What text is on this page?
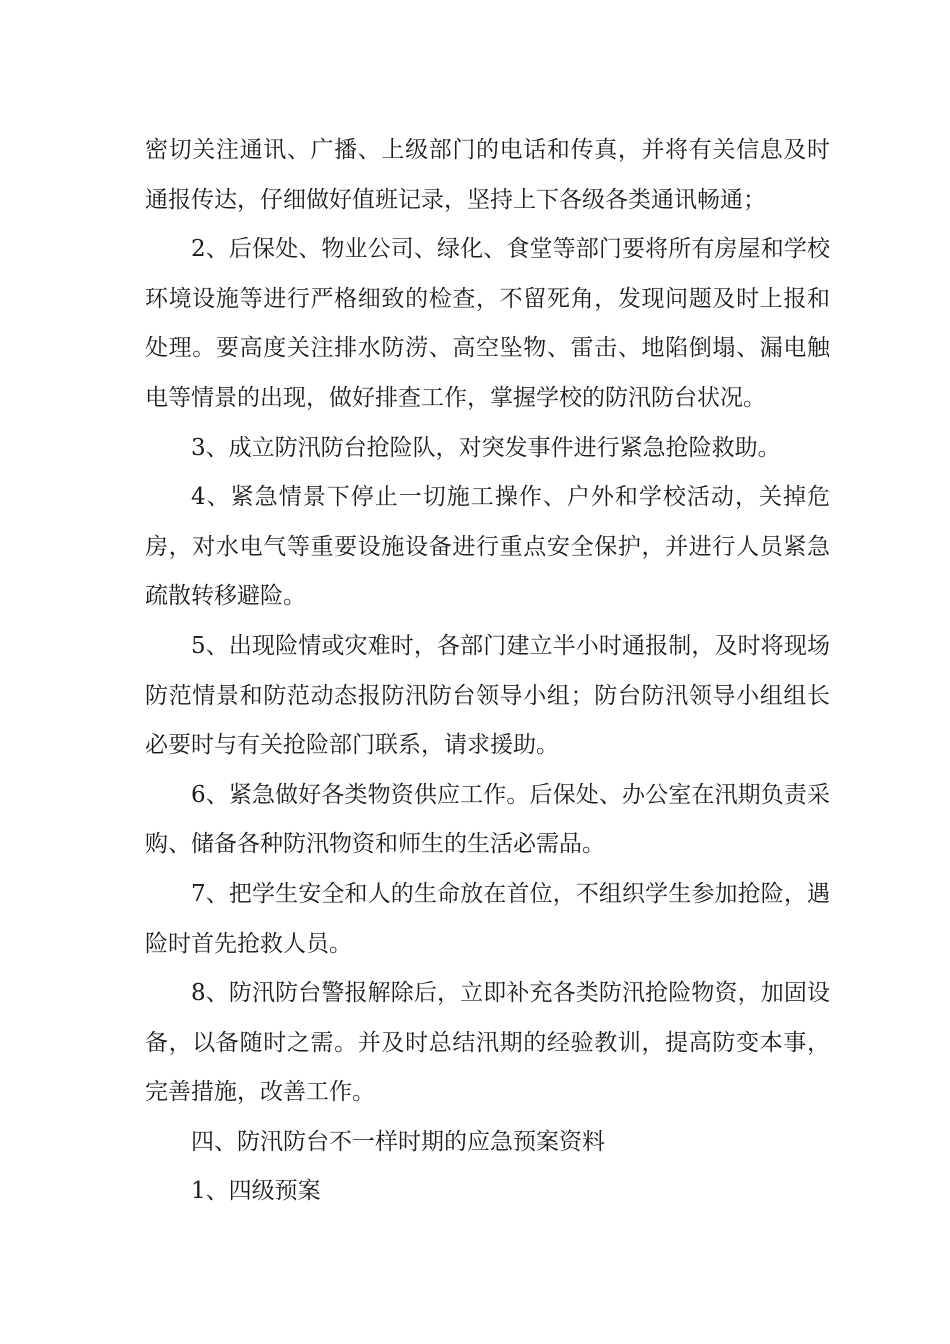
密切关注通讯、广播、上级部门的电话和传真，并将有关信息及时通报传达，仔细做好值班记录，坚持上下各级各类通讯畅通；

2、后保处、物业公司、绿化、食堂等部门要将所有房屋和学校环境设施等进行严格细致的检查，不留死角，发现问题及时上报和处理。要高度关注排水防涝、高空坠物、雷击、地陷倒塌、漏电触电等情景的出现，做好排查工作，掌握学校的防汛防台状况。

3、成立防汛防台抢险队，对突发事件进行紧急抢险救助。

4、紧急情景下停止一切施工操作、户外和学校活动，关掉危房，对水电气等重要设施设备进行重点安全保护，并进行人员紧急疏散转移避险。

5、出现险情或灾难时，各部门建立半小时通报制，及时将现场防范情景和防范动态报防汛防台领导小组；防台防汛领导小组组长必要时与有关抢险部门联系，请求援助。

6、紧急做好各类物资供应工作。后保处、办公室在汛期负责采购、储备各种防汛物资和师生的生活必需品。

7、把学生安全和人的生命放在首位，不组织学生参加抢险，遇险时首先抢救人员。

8、防汛防台警报解除后，立即补充各类防汛抢险物资，加固设备，以备随时之需。并及时总结汛期的经验教训，提高防变本事，完善措施，改善工作。

四、防汛防台不一样时期的应急预案资料

1、四级预案
